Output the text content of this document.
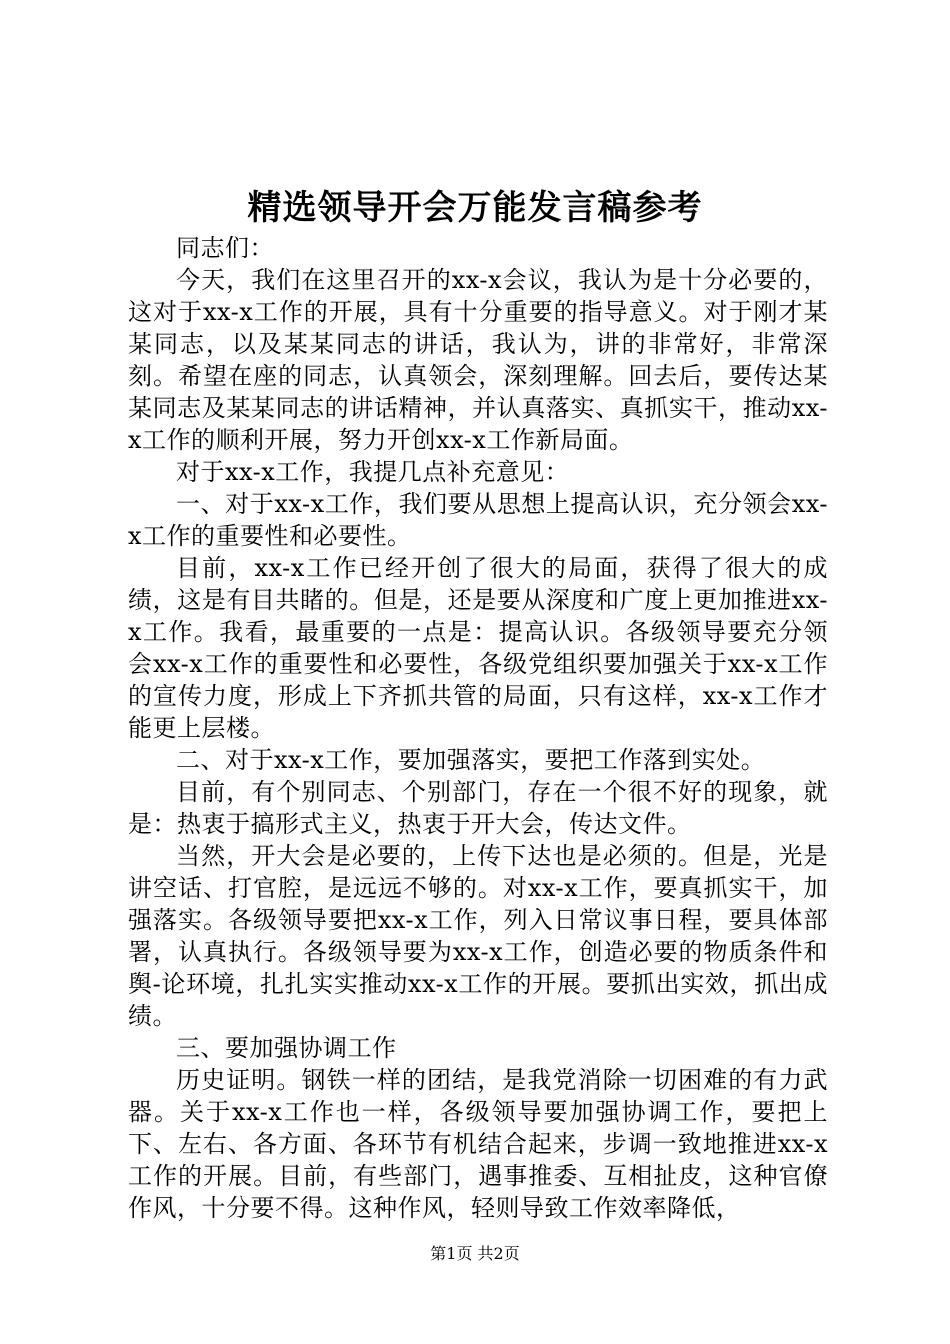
精选领导开会万能发言稿参考

同志们：

今天，我们在这里召开的xx-x会议，我认为是十分必要的，这对于xx-x工作的开展，具有十分重要的指导意义。对于刚才某某同志，以及某某同志的讲话，我认为，讲的非常好，非常深刻。希望在座的同志，认真领会，深刻理解。回去后，要传达某某同志及某某同志的讲话精神，并认真落实、真抓实干，推动xx-x工作的顺利开展，努力开创xx-x工作新局面。

对于xx-x工作，我提几点补充意见：

一、对于xx-x工作，我们要从思想上提高认识，充分领会xx-x工作的重要性和必要性。

目前，xx-x工作已经开创了很大的局面，获得了很大的成绩，这是有目共睹的。但是，还是要从深度和广度上更加推进xx-x工作。我看，最重要的一点是：提高认识。各级领导要充分领会xx-x工作的重要性和必要性，各级党组织要加强关于xx-x工作的宣传力度，形成上下齐抓共管的局面，只有这样，xx-x工作才能更上层楼。

二、对于xx-x工作，要加强落实，要把工作落到实处。

目前，有个别同志、个别部门，存在一个很不好的现象，就是：热衷于搞形式主义，热衷于开大会，传达文件。

当然，开大会是必要的，上传下达也是必须的。但是，光是讲空话、打官腔，是远远不够的。对xx-x工作，要真抓实干，加强落实。各级领导要把xx-x工作，列入日常议事日程，要具体部署，认真执行。各级领导要为xx-x工作，创造必要的物质条件和舆-论环境，扎扎实实推动xx-x工作的开展。要抓出实效，抓出成绩。

三、要加强协调工作

历史证明。钢铁一样的团结，是我党消除一切困难的有力武器。关于xx-x工作也一样，各级领导要加强协调工作，要把上下、左右、各方面、各环节有机结合起来，步调一致地推进xx-x工作的开展。目前，有些部门，遇事推委、互相扯皮，这种官僚作风，十分要不得。这种作风，轻则导致工作效率降低，

第1页 共2页
